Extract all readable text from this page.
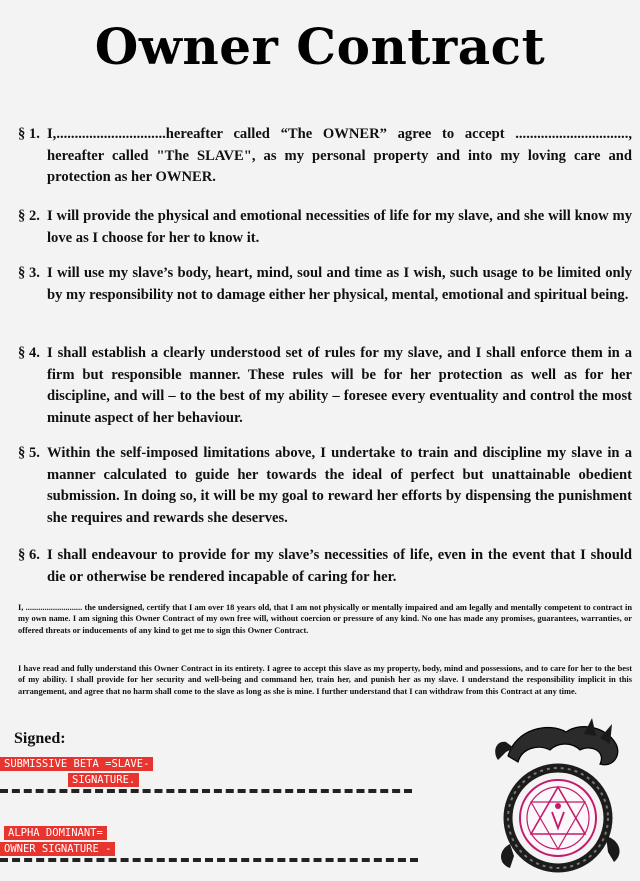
Owner Contract
§ 1. I,..............................hereafter called “The OWNER” agree to accept ..............................., hereafter called "The SLAVE", as my personal property and into my loving care and protection as her OWNER.
§ 2. I will provide the physical and emotional necessities of life for my slave, and she will know my love as I choose for her to know it.
§ 3. I will use my slave’s body, heart, mind, soul and time as I wish, such usage to be limited only by my responsibility not to damage either her physical, mental, emotional and spiritual being.
§ 4. I shall establish a clearly understood set of rules for my slave, and I shall enforce them in a firm but responsible manner. These rules will be for her protection as well as for her discipline, and will – to the best of my ability – foresee every eventuality and control the most minute aspect of her behaviour.
§ 5. Within the self-imposed limitations above, I undertake to train and discipline my slave in a manner calculated to guide her towards the ideal of perfect but unattainable obedient submission. In doing so, it will be my goal to reward her efforts by dispensing the punishment she requires and rewards she deserves.
§ 6. I shall endeavour to provide for my slave’s necessities of life, even in the event that I should die or otherwise be rendered incapable of caring for her.
I, ........................... the undersigned, certify that I am over 18 years old, that I am not physically or mentally impaired and am legally and mentally competent to contract in my own name. I am signing this Owner Contract of my own free will, without coercion or pressure of any kind. No one has made any promises, guarantees, warranties, or offered threats or inducements of any kind to get me to sign this Owner Contract.
I have read and fully understand this Owner Contract in its entirety. I agree to accept this slave as my property, body, mind and possessions, and to care for her to the best of my ability. I shall provide for her security and well-being and command her, train her, and punish her as my slave. I understand the responsibility implicit in this arrangement, and agree that no harm shall come to the slave as long as she is mine. I further understand that I can withdraw from this Contract at any time.
Signed:
SUBMISSIVE BETA =SLAVE-
SIGNATURE.
ALPHA DOMINANT=
OWNER SIGNATURE -
